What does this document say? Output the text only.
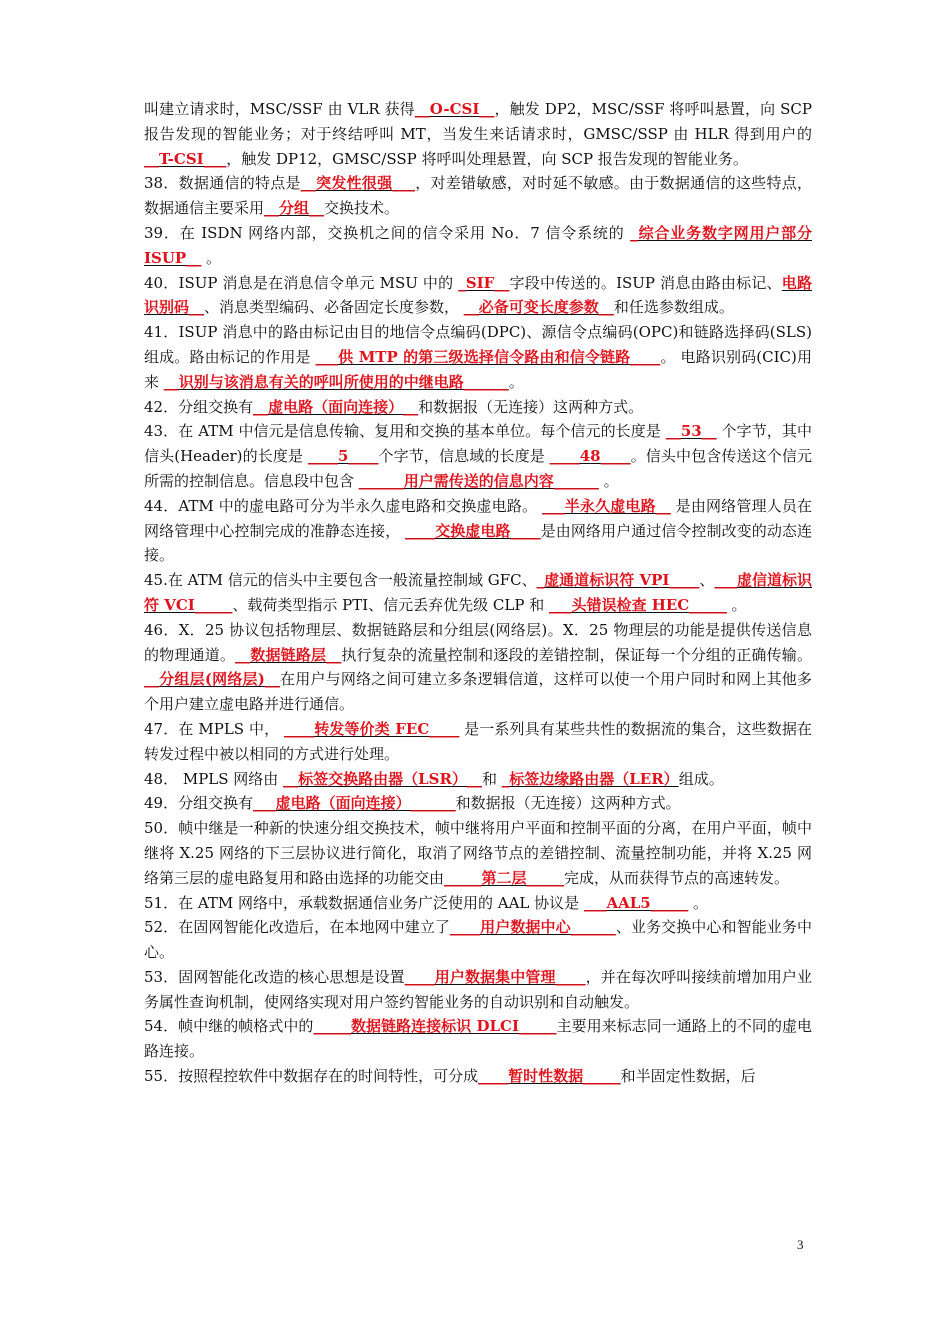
叫建立请求时，MSC/SSF 由 VLR 获得__O-CSI__，触发 DP2，MSC/SSF 将呼叫悬置，向 SCP 报告发现的智能业务；对于终结呼叫 MT，当发生来话请求时，GMSC/SSP 由 HLR 得到用户的__T-CSI___，触发 DP12，GMSC/SSP 将呼叫处理悬置，向 SCP 报告发现的智能业务。

38．数据通信的特点是__突发性很强___，对差错敏感，对时延不敏感。由于数据通信的这些特点，数据通信主要采用__分组__交换技术。

39．在 ISDN 网络内部，交换机之间的信令采用 No．7 信令系统的 _综合业务数字网用户部分 ISUP__ 。

40．ISUP 消息是在消息信令单元 MSU 中的 _SIF__字段中传送的。ISUP 消息由路由标记、电路识别码__、消息类型编码、必备固定长度参数， __必备可变长度参数__和任选参数组成。

41．ISUP 消息中的路由标记由目的地信令点编码(DPC)、源信令点编码(OPC)和链路选择码(SLS)组成。路由标记的作用是 ___供 MTP 的第三级选择信令路由和信令链路____。 电路识别码(CIC)用来 __识别与该消息有关的呼叫所使用的中继电路______。

42．分组交换有__虚电路（面向连接）__和数据报（无连接）这两种方式。

43．在 ATM 中信元是信息传输、复用和交换的基本单位。每个信元的长度是 __53__ 个字节，其中信头(Header)的长度是 ____5____个字节，信息域的长度是 ____48____。信头中包含传送这个信元所需的控制信息。信息段中包含 ______用户需传送的信息内容______ 。

44．ATM 中的虚电路可分为半永久虚电路和交换虚电路。 ___半永久虚电路__ 是由网络管理人员在网络管理中心控制完成的准静态连接， ____交换虚电路____是由网络用户通过信令控制改变的动态连接。

45.在 ATM 信元的信头中主要包含一般流量控制域 GFC、_虚通道标识符 VPI____、___虚信道标识符 VCI_____、载荷类型指示 PTI、信元丢弃优先级 CLP 和 ___头错误检查 HEC_____ 。

46．X．25 协议包括物理层、数据链路层和分组层(网络层)。X．25 物理层的功能是提供传送信息的物理通道。__数据链路层__执行复杂的流量控制和逐段的差错控制，保证每一个分组的正确传输。__分组层(网络层)__在用户与网络之间可建立多条逻辑信道，这样可以使一个用户同时和网上其他多个用户建立虚电路并进行通信。

47．在 MPLS 中， ____转发等价类 FEC____ 是一系列具有某些共性的数据流的集合，这些数据在转发过程中被以相同的方式进行处理。

48． MPLS 网络由 __标签交换路由器（LSR）__和 _标签边缘路由器（LER）组成。

49．分组交换有___虚电路（面向连接）______和数据报（无连接）这两种方式。

50．帧中继是一种新的快速分组交换技术，帧中继将用户平面和控制平面的分离，在用户平面，帧中继将 X.25 网络的下三层协议进行简化，取消了网络节点的差错控制、流量控制功能，并将 X.25 网络第三层的虚电路复用和路由选择的功能交由_____第二层_____完成，从而获得节点的高速转发。

51．在 ATM 网络中，承载数据通信业务广泛使用的 AAL 协议是 ___AAL5_____ 。

52．在固网智能化改造后，在本地网中建立了____用户数据中心______、业务交换中心和智能业务中心。

53．固网智能化改造的核心思想是设置____用户数据集中管理____，并在每次呼叫接续前增加用户业务属性查询机制，使网络实现对用户签约智能业务的自动识别和自动触发。

54．帧中继的帧格式中的_____数据链路连接标识 DLCI_____主要用来标志同一通路上的不同的虚电路连接。

55．按照程控软件中数据存在的时间特性，可分成____暂时性数据_____和半固定性数据，后

3
